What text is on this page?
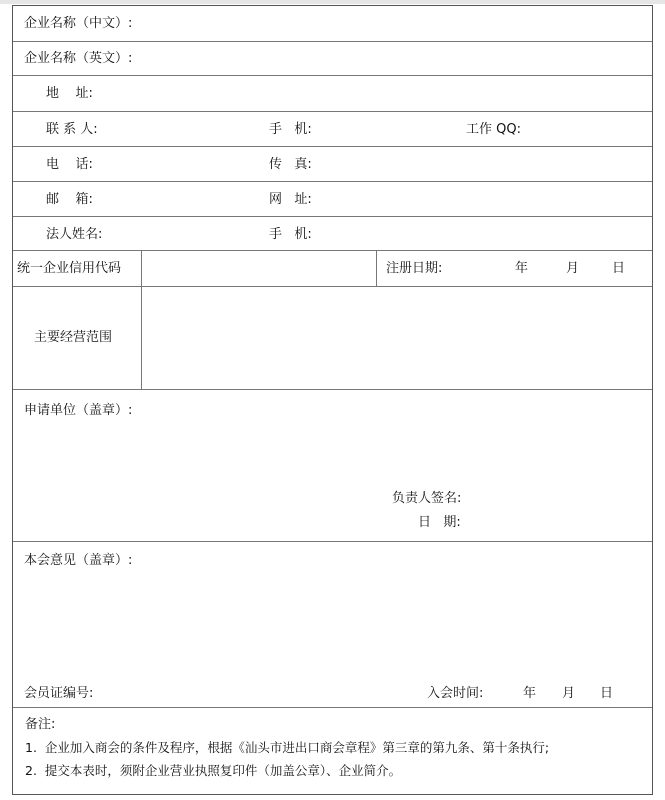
企业名称（中文）:
企业名称（英文）:
地    址:
联 系 人:	手   机:	工作 QQ:
电    话:	传   真:
邮    箱:	网   址:
法人姓名:	手   机:
统一企业信用代码	注册日期:	年	月	日
主要经营范围
申请单位（盖章）:
负责人签名:
日   期:
本会意见（盖章）:
会员证编号:	入会时间:	年 月 日
备注:
1.  企业加入商会的条件及程序，根据《汕头市进出口商会章程》第三章的第九条、第十条执行;
2.  提交本表时，须附企业营业执照复印件（加盖公章）、企业简介。
